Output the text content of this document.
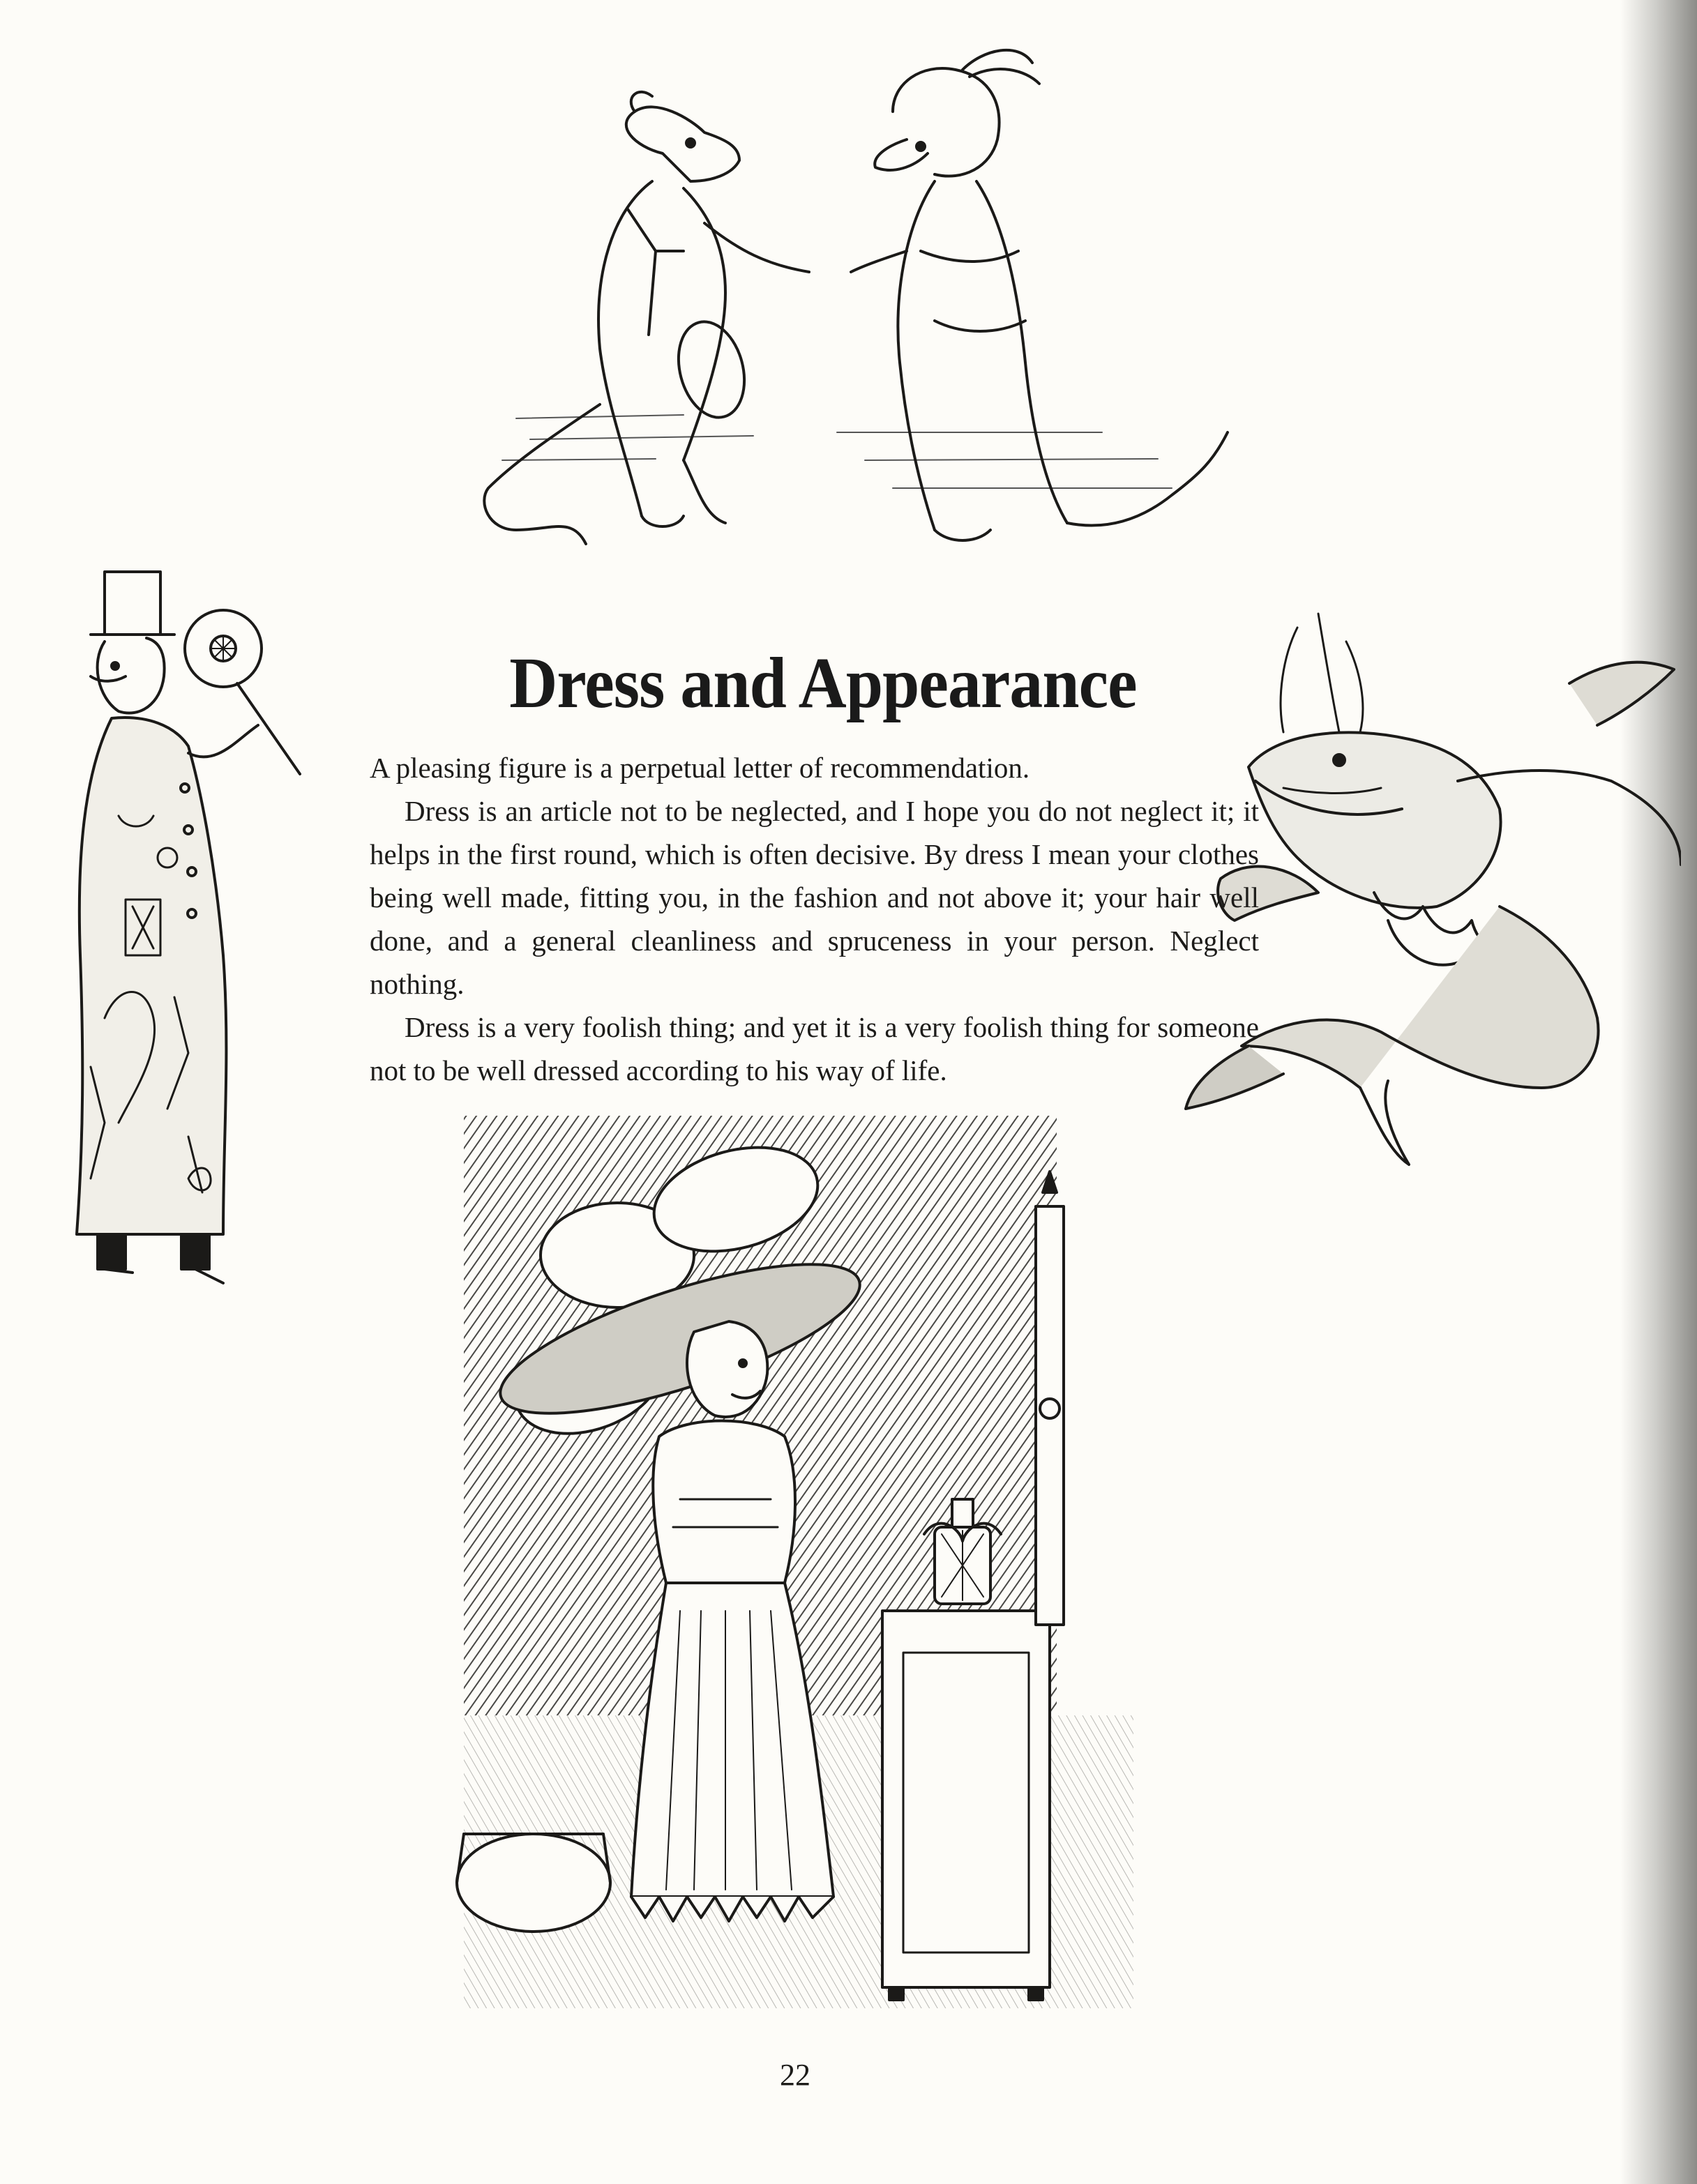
Dress and Appearance

A pleasing figure is a perpetual letter of recommendation.

Dress is an article not to be neglected, and I hope you do not neglect it; it helps in the first round, which is often decisive. By dress I mean your clothes being well made, fitting you, in the fashion and not above it; your hair well done, and a general cleanliness and spruceness in your person. Neglect nothing.

Dress is a very foolish thing; and yet it is a very foolish thing for someone not to be well dressed according to his way of life.

22
